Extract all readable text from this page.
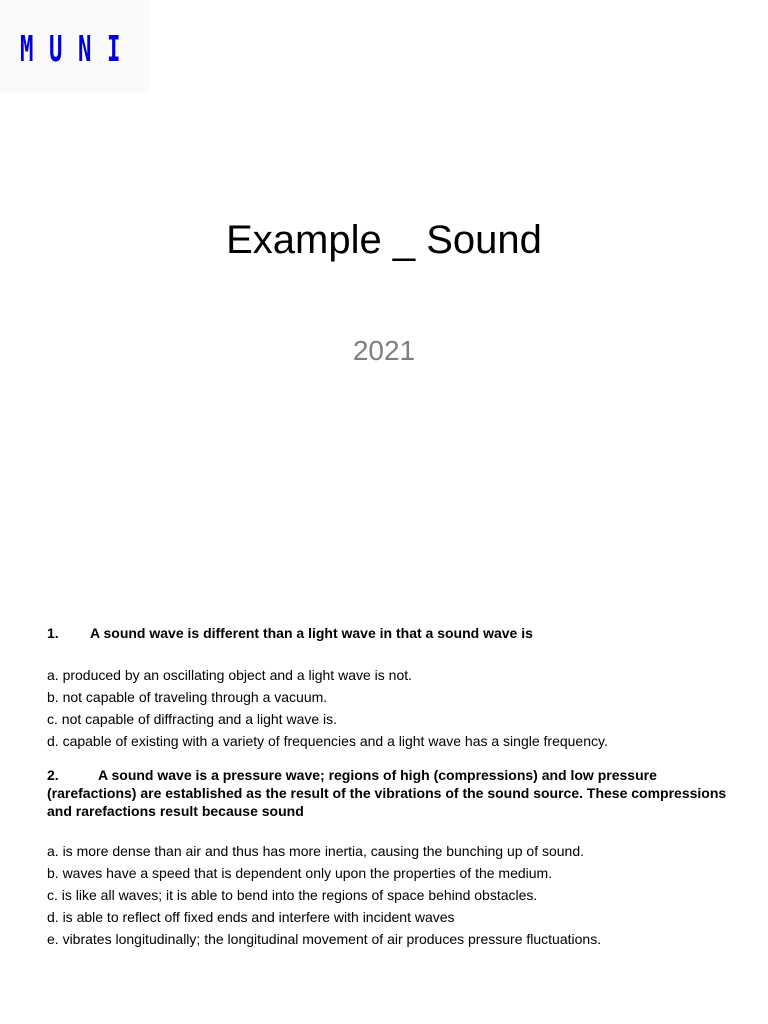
M U N I
Example _ Sound
2021
1. A sound wave is different than a light wave in that a sound wave is
a. produced by an oscillating object and a light wave is not.
b. not capable of traveling through a vacuum.
c. not capable of diffracting and a light wave is.
d. capable of existing with a variety of frequencies and a light wave has a single frequency.
2.	A sound wave is a pressure wave; regions of high (compressions) and low pressure (rarefactions) are established as the result of the vibrations of the sound source. These compressions and rarefactions result because sound
a. is more dense than air and thus has more inertia, causing the bunching up of sound.
b. waves have a speed that is dependent only upon the properties of the medium.
c. is like all waves; it is able to bend into the regions of space behind obstacles.
d. is able to reflect off fixed ends and interfere with incident waves
e. vibrates longitudinally; the longitudinal movement of air produces pressure fluctuations.
